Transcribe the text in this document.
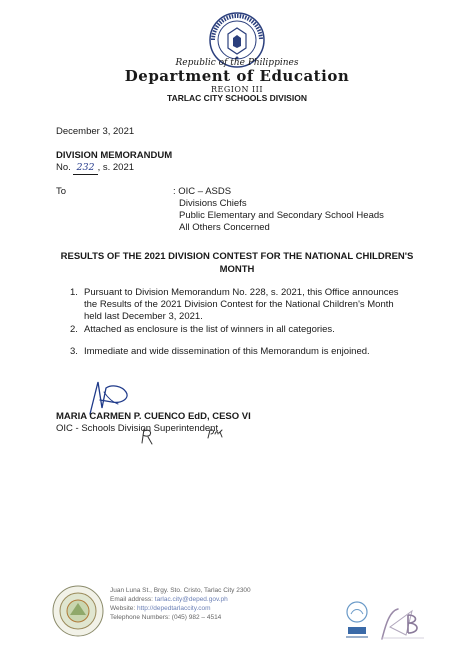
Republic of the Philippines
Department of Education
REGION III
TARLAC CITY SCHOOLS DIVISION
December 3, 2021
DIVISION MEMORANDUM
No. 232 , s. 2021
To	: OIC – ASDS
Divisions Chiefs
Public Elementary and Secondary School Heads
All Others Concerned
RESULTS OF THE 2021 DIVISION CONTEST FOR THE NATIONAL CHILDREN'S MONTH
1. Pursuant to Division Memorandum No. 228, s. 2021, this Office announces the Results of the 2021 Division Contest for the National Children's Month held last December 3, 2021.
2. Attached as enclosure is the list of winners in all categories.
3. Immediate and wide dissemination of this Memorandum is enjoined.
MARIA CARMEN P. CUENCO EdD, CESO VI
OIC - Schools Division Superintendent
Juan Luna St., Brgy. Sto. Cristo, Tarlac City 2300
Email address: tarlac.city@deped.gov.ph
Website: http://depedtarlaccity.com
Telephone Numbers: (045) 982 – 4514
